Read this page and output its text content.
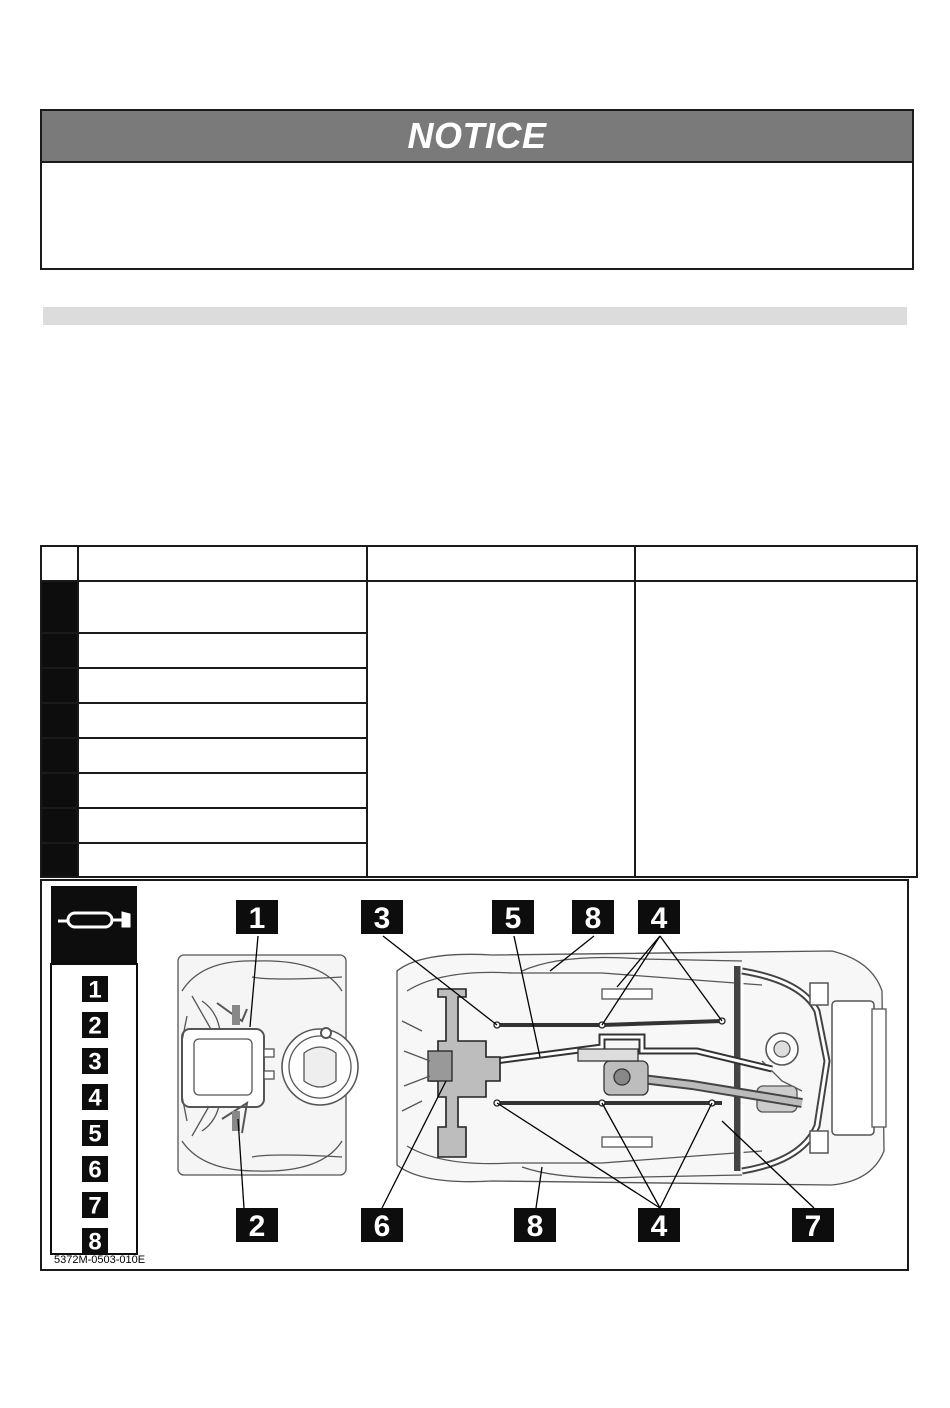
NOTICE

1
2
3
4
5
6
7
8
1	3	5 8 4
2	6	8	4	7
5372M-0503-010E
